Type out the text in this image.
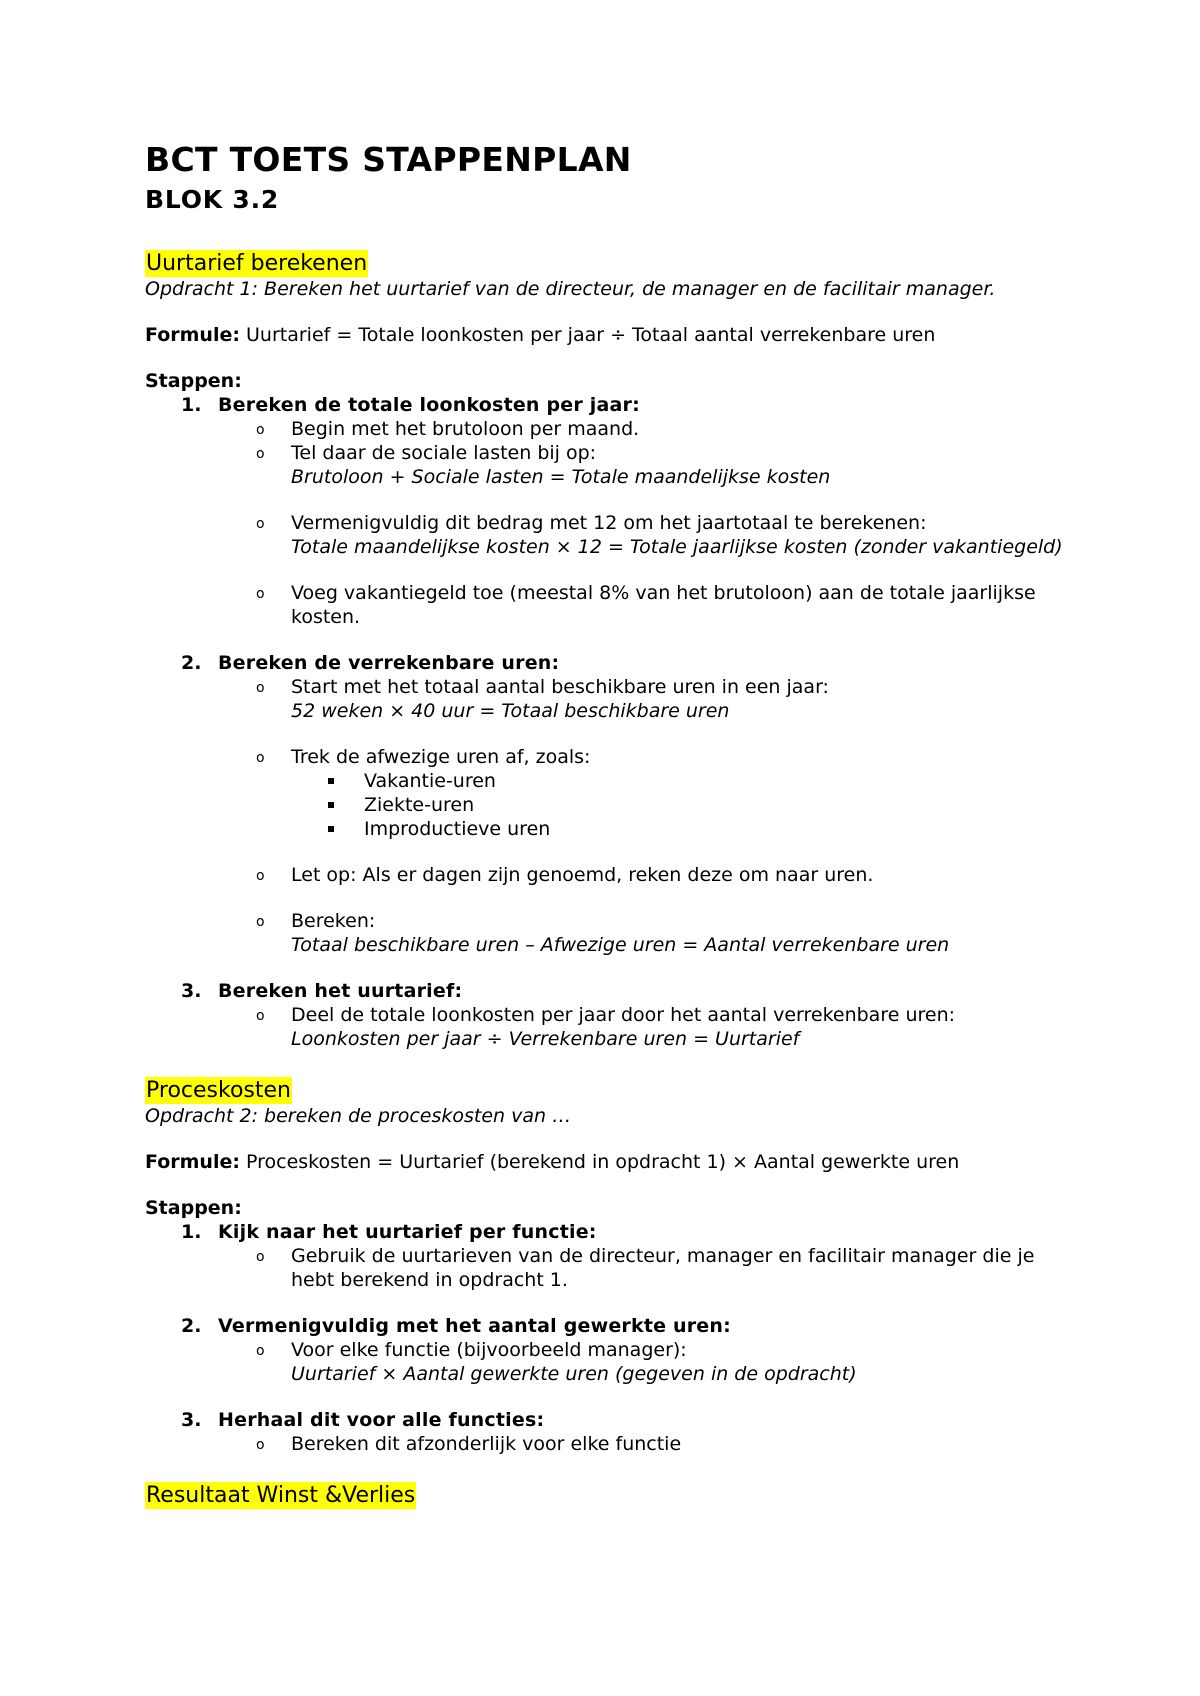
BCT TOETS STAPPENPLAN
BLOK 3.2
Uurtarief berekenen

Opdracht 1: Bereken het uurtarief van de directeur, de manager en de facilitair manager.

Formule: Uurtarief = Totale loonkosten per jaar ÷ Totaal aantal verrekenbare uren

Stappen:

1. Bereken de totale loonkosten per jaar:
o Begin met het brutoloon per maand.
o Tel daar de sociale lasten bij op:
Brutoloon + Sociale lasten = Totale maandelijkse kosten
o Vermenigvuldig dit bedrag met 12 om het jaartotaal te berekenen:
Totale maandelijkse kosten × 12 = Totale jaarlijkse kosten (zonder vakantiegeld)
o Voeg vakantiegeld toe (meestal 8% van het brutoloon) aan de totale jaarlijkse kosten.
2. Bereken de verrekenbare uren:
o Start met het totaal aantal beschikbare uren in een jaar:
52 weken × 40 uur = Totaal beschikbare uren
o Trek de afwezige uren af, zoals:
Vakantie-uren
Ziekte-uren
Improductieve uren
o Let op: Als er dagen zijn genoemd, reken deze om naar uren.
o Bereken:
Totaal beschikbare uren – Afwezige uren = Aantal verrekenbare uren
3. Bereken het uurtarief:
o Deel de totale loonkosten per jaar door het aantal verrekenbare uren:
Loonkosten per jaar ÷ Verrekenbare uren = Uurtarief
Proceskosten

Opdracht 2: bereken de proceskosten van …

Formule: Proceskosten = Uurtarief (berekend in opdracht 1) × Aantal gewerkte uren

Stappen:

1. Kijk naar het uurtarief per functie:
o Gebruik de uurtarieven van de directeur, manager en facilitair manager die je hebt berekend in opdracht 1.
2. Vermenigvuldig met het aantal gewerkte uren:
o Voor elke functie (bijvoorbeeld manager):
Uurtarief × Aantal gewerkte uren (gegeven in de opdracht)
3. Herhaal dit voor alle functies:
o Bereken dit afzonderlijk voor elke functie
Resultaat Winst &Verlies
